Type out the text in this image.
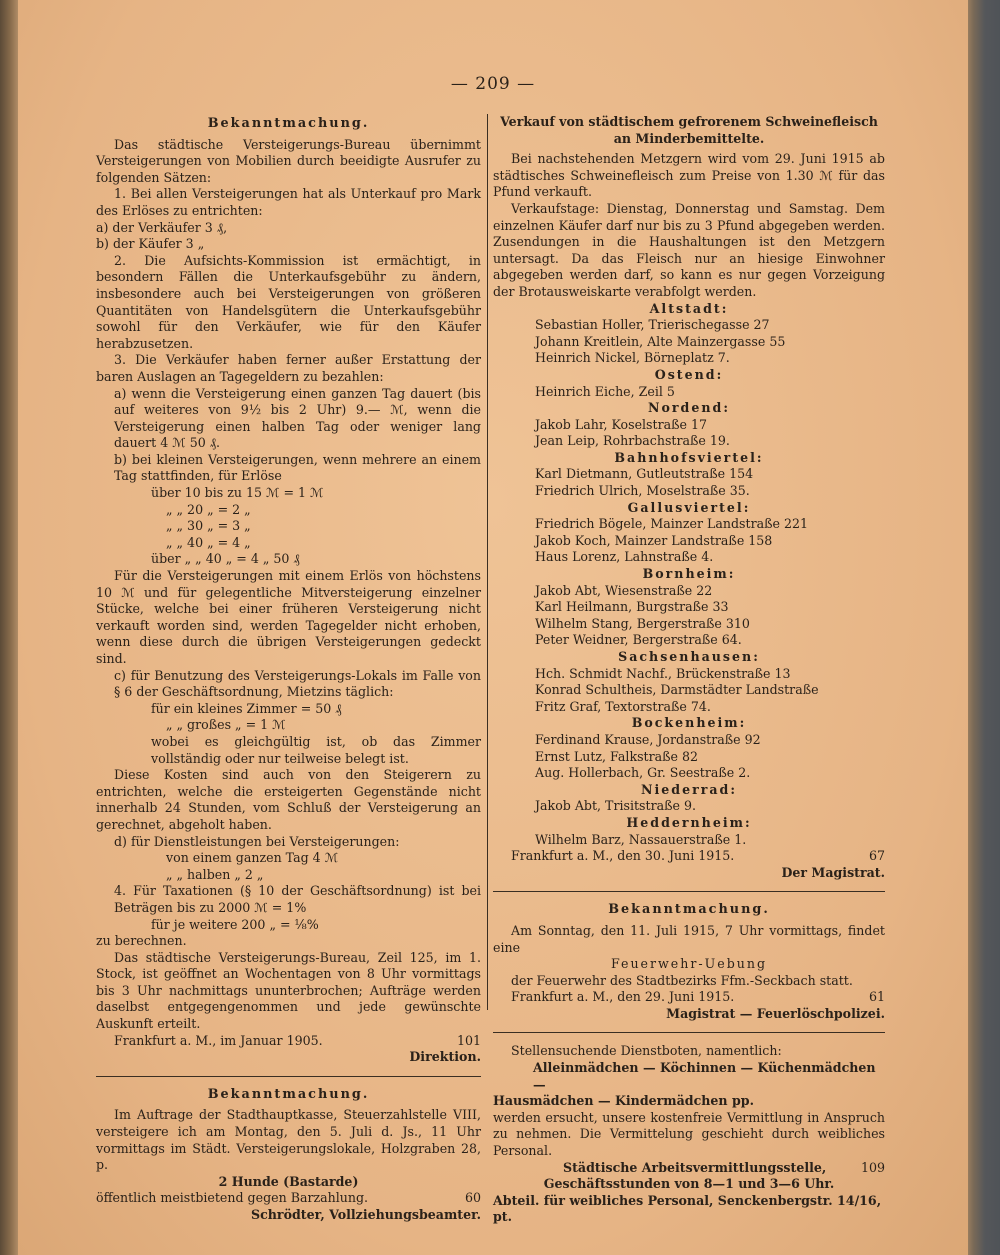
— 209 —

Bekanntmachung.

Das städtische Versteigerungs-Bureau übernimmt Versteigerungen von Mobilien durch beeidigte Ausrufer zu folgenden Sätzen:

1. Bei allen Versteigerungen hat als Unterkauf pro Mark des Erlöses zu entrichten:

a) der Verkäufer 3 ₰,

b) der Käufer 3 „

2. Die Aufsichts-Kommission ist ermächtigt, in besondern Fällen die Unterkaufsgebühr zu ändern, insbesondere auch bei Versteigerungen von größeren Quantitäten von Handelsgütern die Unterkaufsgebühr sowohl für den Verkäufer, wie für den Käufer herabzusetzen.

3. Die Verkäufer haben ferner außer Erstattung der baren Auslagen an Tagegeldern zu bezahlen:

a) wenn die Versteigerung einen ganzen Tag dauert (bis auf weiteres von 9½ bis 2 Uhr) 9.— ℳ, wenn die Versteigerung einen halben Tag oder weniger lang dauert 4 ℳ 50 ₰.

b) bei kleinen Versteigerungen, wenn mehrere an einem Tag stattfinden, für Erlöse

über 10 bis zu 15 ℳ = 1 ℳ

„ „ 20 „ = 2 „

„ „ 30 „ = 3 „

„ „ 40 „ = 4 „

über „ „ 40 „ = 4 „ 50 ₰

Für die Versteigerungen mit einem Erlös von höchstens 10 ℳ und für gelegentliche Mitversteigerung einzelner Stücke, welche bei einer früheren Versteigerung nicht verkauft worden sind, werden Tagegelder nicht erhoben, wenn diese durch die übrigen Versteigerungen gedeckt sind.

c) für Benutzung des Versteigerungs-Lokals im Falle von § 6 der Geschäftsordnung, Mietzins täglich:

für ein kleines Zimmer = 50 ₰

„ „ großes „ = 1 ℳ

wobei es gleichgültig ist, ob das Zimmer vollständig oder nur teilweise belegt ist.

Diese Kosten sind auch von den Steigerern zu entrichten, welche die ersteigerten Gegenstände nicht innerhalb 24 Stunden, vom Schluß der Versteigerung an gerechnet, abgeholt haben.

d) für Dienstleistungen bei Versteigerungen:

von einem ganzen Tag 4 ℳ

„ „ halben „ 2 „

4. Für Taxationen (§ 10 der Geschäftsordnung) ist bei Beträgen bis zu 2000 ℳ = 1%

für je weitere 200 „ = ⅛%

zu berechnen.

Das städtische Versteigerungs-Bureau, Zeil 125, im 1. Stock, ist geöffnet an Wochentagen von 8 Uhr vormittags bis 3 Uhr nachmittags ununterbrochen; Aufträge werden daselbst entgegengenommen und jede gewünschte Auskunft erteilt.

Frankfurt a. M., im Januar 1905.	101

Direktion.

Bekanntmachung.

Im Auftrage der Stadthauptkasse, Steuerzahlstelle VIII, versteigere ich am Montag, den 5. Juli d. Js., 11 Uhr vormittags im Städt. Versteigerungslokale, Holzgraben 28, p.

2 Hunde (Bastarde)

öffentlich meistbietend gegen Barzahlung.	60

Schrödter, Vollziehungsbeamter.

Verkauf von städtischem gefrorenem Schweinefleisch

an Minderbemittelte.

Bei nachstehenden Metzgern wird vom 29. Juni 1915 ab städtisches Schweinefleisch zum Preise von 1.30 ℳ für das Pfund verkauft.

Verkaufstage: Dienstag, Donnerstag und Samstag. Dem einzelnen Käufer darf nur bis zu 3 Pfund abgegeben werden. Zusendungen in die Haushaltungen ist den Metzgern untersagt. Da das Fleisch nur an hiesige Einwohner abgegeben werden darf, so kann es nur gegen Vorzeigung der Brotausweiskarte verabfolgt werden.

Altstadt:

Sebastian Holler, Trierischegasse 27

Johann Kreitlein, Alte Mainzergasse 55

Heinrich Nickel, Börneplatz 7.

Ostend:

Heinrich Eiche, Zeil 5

Nordend:

Jakob Lahr, Koselstraße 17

Jean Leip, Rohrbachstraße 19.

Bahnhofsviertel:

Karl Dietmann, Gutleutstraße 154

Friedrich Ulrich, Moselstraße 35.

Gallusviertel:

Friedrich Bögele, Mainzer Landstraße 221

Jakob Koch, Mainzer Landstraße 158

Haus Lorenz, Lahnstraße 4.

Bornheim:

Jakob Abt, Wiesenstraße 22

Karl Heilmann, Burgstraße 33

Wilhelm Stang, Bergerstraße 310

Peter Weidner, Bergerstraße 64.

Sachsenhausen:

Hch. Schmidt Nachf., Brückenstraße 13

Konrad Schultheis, Darmstädter Landstraße

Fritz Graf, Textorstraße 74.

Bockenheim:

Ferdinand Krause, Jordanstraße 92

Ernst Lutz, Falkstraße 82

Aug. Hollerbach, Gr. Seestraße 2.

Niederrad:

Jakob Abt, Trisitstraße 9.

Heddernheim:

Wilhelm Barz, Nassauerstraße 1.

Frankfurt a. M., den 30. Juni 1915.	67

Der Magistrat.

Bekanntmachung.

Am Sonntag, den 11. Juli 1915, 7 Uhr vormittags, findet eine

Feuerwehr-Uebung

der Feuerwehr des Stadtbezirks Ffm.-Seckbach statt.

Frankfurt a. M., den 29. Juni 1915.	61

Magistrat — Feuerlöschpolizei.

Stellensuchende Dienstboten, namentlich:

Alleinmädchen — Köchinnen — Küchenmädchen —

Hausmädchen — Kindermädchen pp.

werden ersucht, unsere kostenfreie Vermittlung in Anspruch zu nehmen. Die Vermittelung geschieht durch weibliches Personal.

Städtische Arbeitsvermittlungsstelle,	109

Geschäftsstunden von 8—1 und 3—6 Uhr.

Abteil. für weibliches Personal, Senckenbergstr. 14/16, pt.
